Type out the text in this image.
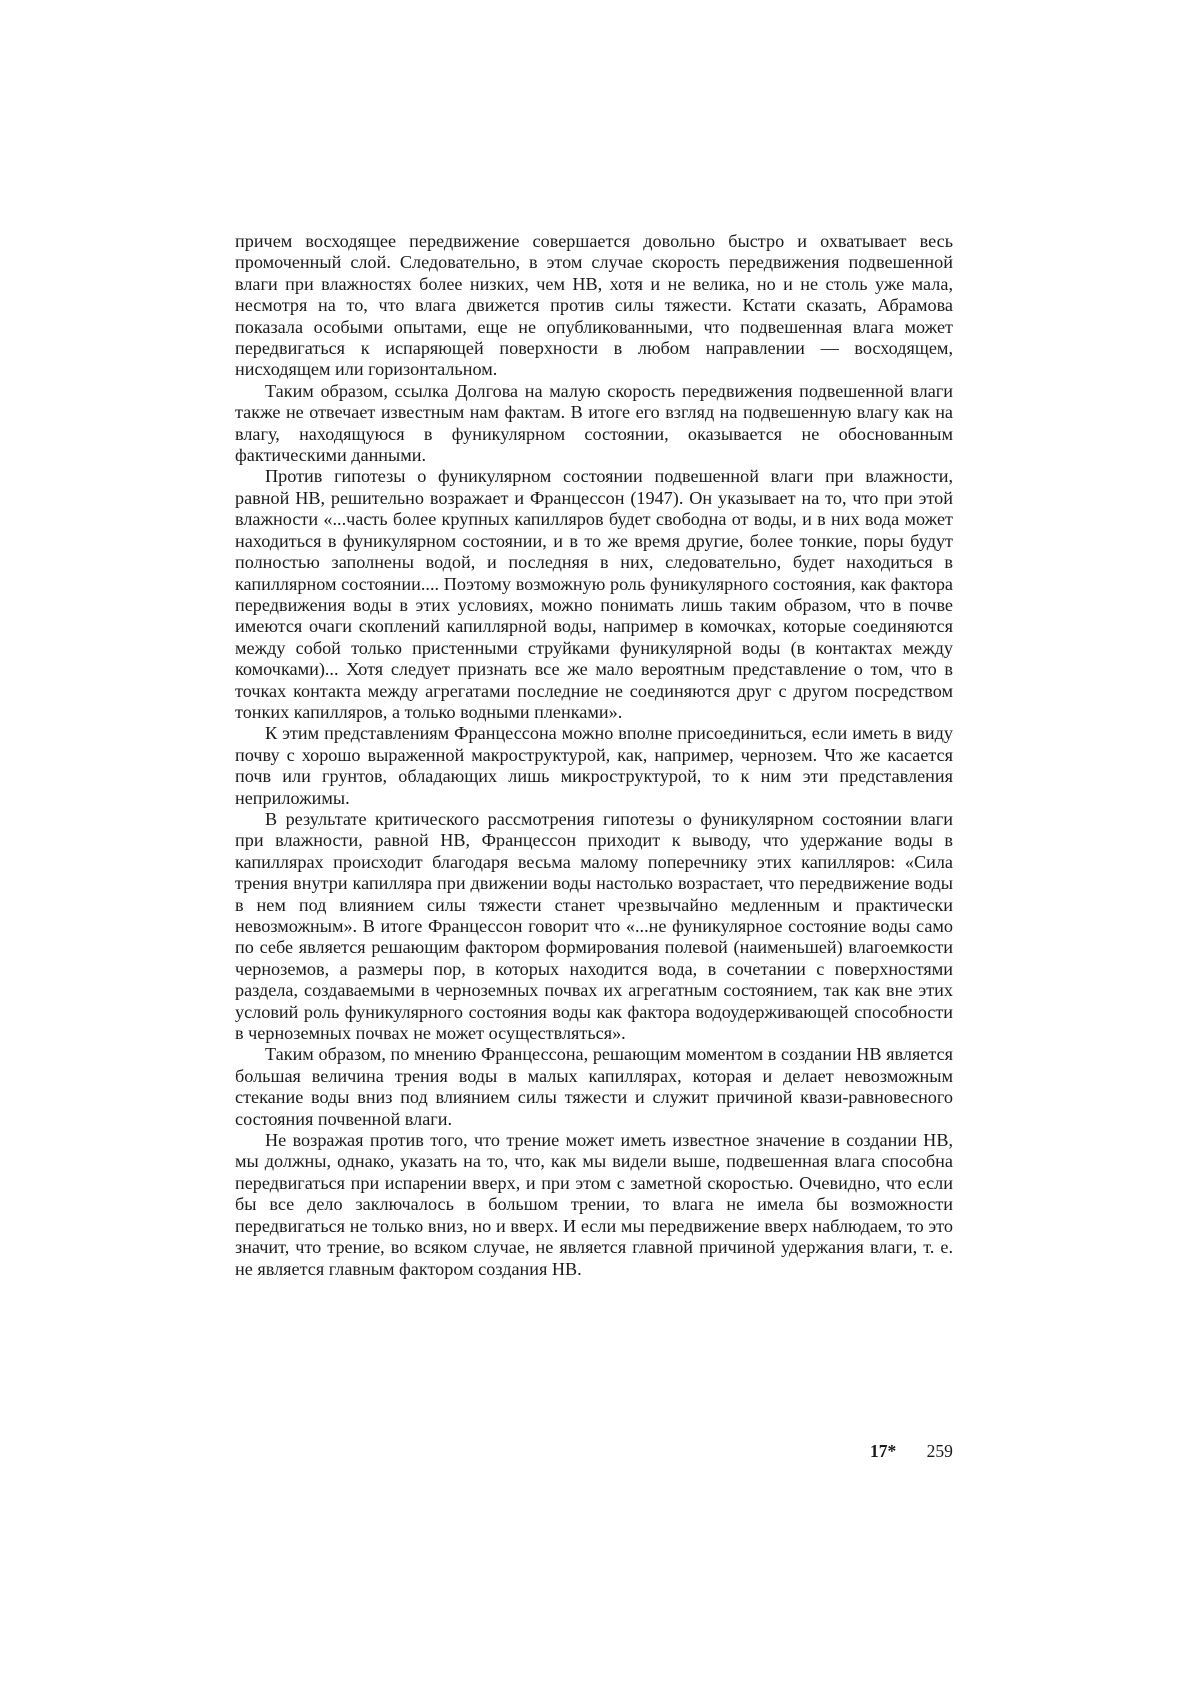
причем восходящее передвижение совершается довольно быстро и охватывает весь промоченный слой. Следовательно, в этом случае скорость передвижения подвешенной влаги при влажностях более низких, чем НВ, хотя и не велика, но и не столь уже мала, несмотря на то, что влага движется против силы тяжести. Кстати сказать, Абрамова показала особыми опытами, еще не опубликованными, что подвешенная влага может передвигаться к испаряющей поверхности в любом направлении — восходящем, нисходящем или горизонтальном.

Таким образом, ссылка Долгова на малую скорость передвижения подвешенной влаги также не отвечает известным нам фактам. В итоге его взгляд на подвешенную влагу как на влагу, находящуюся в фуникулярном состоянии, оказывается не обоснованным фактическими данными.

Против гипотезы о фуникулярном состоянии подвешенной влаги при влажности, равной НВ, решительно возражает и Францессон (1947). Он указывает на то, что при этой влажности «...часть более крупных капилляров будет свободна от воды, и в них вода может находиться в фуникулярном состоянии, и в то же время другие, более тонкие, поры будут полностью заполнены водой, и последняя в них, следовательно, будет находиться в капиллярном состоянии.... Поэтому возможную роль фуникулярного состояния, как фактора передвижения воды в этих условиях, можно понимать лишь таким образом, что в почве имеются очаги скоплений капиллярной воды, например в комочках, которые соединяются между собой только пристенными струйками фуникулярной воды (в контактах между комочками)... Хотя следует признать все же мало вероятным представление о том, что в точках контакта между агрегатами последние не соединяются друг с другом посредством тонких капилляров, а только водными пленками».

К этим представлениям Францессона можно вполне присоединиться, если иметь в виду почву с хорошо выраженной макроструктурой, как, например, чернозем. Что же касается почв или грунтов, обладающих лишь микроструктурой, то к ним эти представления неприложимы.

В результате критического рассмотрения гипотезы о фуникулярном состоянии влаги при влажности, равной НВ, Францессон приходит к выводу, что удержание воды в капиллярах происходит благодаря весьма малому поперечнику этих капилляров: «Сила трения внутри капилляра при движении воды настолько возрастает, что передвижение воды в нем под влиянием силы тяжести станет чрезвычайно медленным и практически невозможным». В итоге Францессон говорит что «...не фуникулярное состояние воды само по себе является решающим фактором формирования полевой (наименьшей) влагоемкости черноземов, а размеры пор, в которых находится вода, в сочетании с поверхностями раздела, создаваемыми в черноземных почвах их агрегатным состоянием, так как вне этих условий роль фуникулярного состояния воды как фактора водоудерживающей способности в черноземных почвах не может осуществляться».

Таким образом, по мнению Францессона, решающим моментом в создании НВ является большая величина трения воды в малых капиллярах, которая и делает невозможным стекание воды вниз под влиянием силы тяжести и служит причиной квази-равновесного состояния почвенной влаги.

Не возражая против того, что трение может иметь известное значение в создании НВ, мы должны, однако, указать на то, что, как мы видели выше, подвешенная влага способна передвигаться при испарении вверх, и при этом с заметной скоростью. Очевидно, что если бы все дело заключалось в большом трении, то влага не имела бы возможности передвигаться не только вниз, но и вверх. И если мы передвижение вверх наблюдаем, то это значит, что трение, во всяком случае, не является главной причиной удержания влаги, т. е. не является главным фактором создания НВ.

17* 259
